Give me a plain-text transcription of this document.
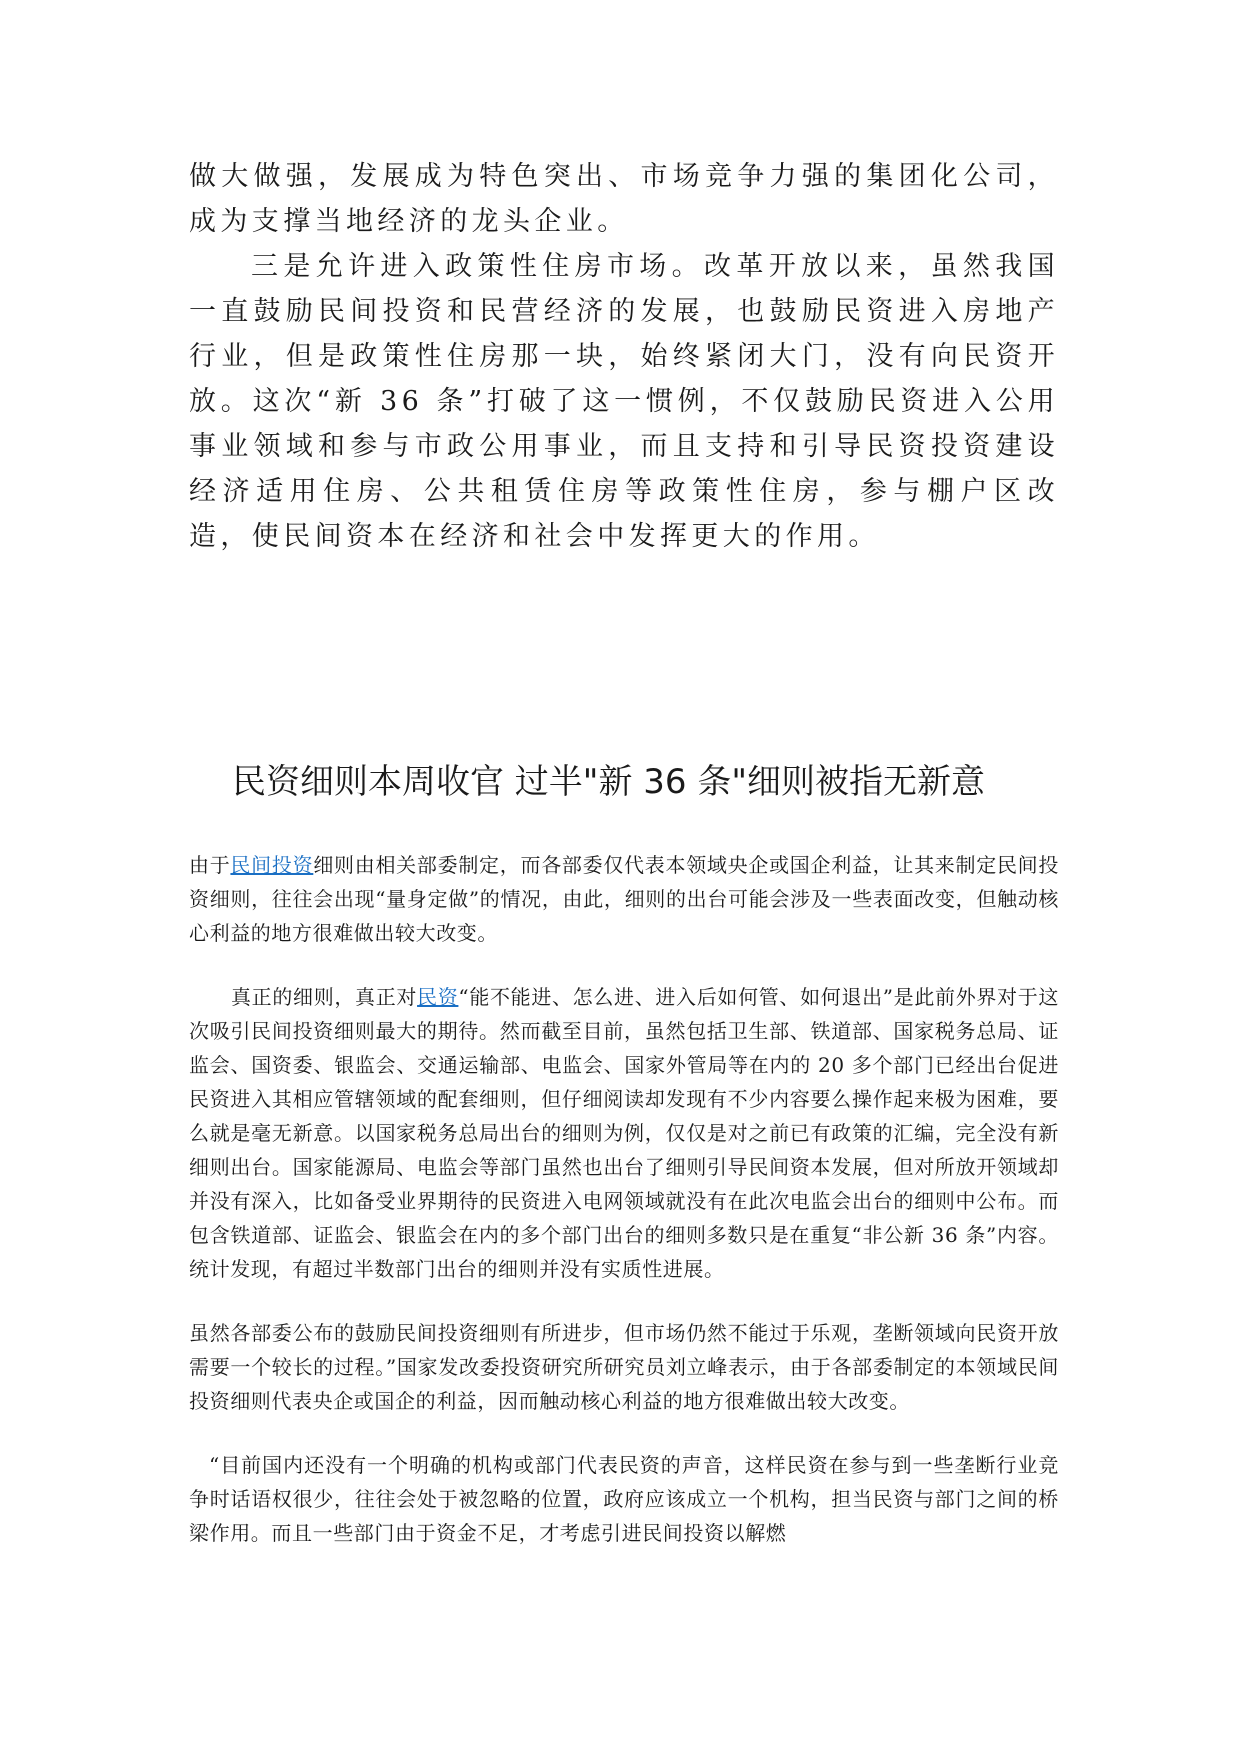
做大做强，发展成为特色突出、市场竞争力强的集团化公司，成为支撑当地经济的龙头企业。

三是允许进入政策性住房市场。改革开放以来，虽然我国一直鼓励民间投资和民营经济的发展，也鼓励民资进入房地产行业，但是政策性住房那一块，始终紧闭大门，没有向民资开放。这次“新 36 条”打破了这一惯例，不仅鼓励民资进入公用事业领域和参与市政公用事业，而且支持和引导民资投资建设经济适用住房、公共租赁住房等政策性住房，参与棚户区改造，使民间资本在经济和社会中发挥更大的作用。

民资细则本周收官 过半"新 36 条"细则被指无新意

由于民间投资细则由相关部委制定，而各部委仅代表本领域央企或国企利益，让其来制定民间投资细则，往往会出现“量身定做”的情况，由此，细则的出台可能会涉及一些表面改变，但触动核心利益的地方很难做出较大改变。

真正的细则，真正对民资“能不能进、怎么进、进入后如何管、如何退出”是此前外界对于这次吸引民间投资细则最大的期待。然而截至目前，虽然包括卫生部、铁道部、国家税务总局、证监会、国资委、银监会、交通运输部、电监会、国家外管局等在内的 20 多个部门已经出台促进民资进入其相应管辖领域的配套细则，但仔细阅读却发现有不少内容要么操作起来极为困难，要么就是毫无新意。以国家税务总局出台的细则为例，仅仅是对之前已有政策的汇编，完全没有新细则出台。国家能源局、电监会等部门虽然也出台了细则引导民间资本发展，但对所放开领域却并没有深入，比如备受业界期待的民资进入电网领域就没有在此次电监会出台的细则中公布。而包含铁道部、证监会、银监会在内的多个部门出台的细则多数只是在重复“非公新 36 条”内容。统计发现，有超过半数部门出台的细则并没有实质性进展。

虽然各部委公布的鼓励民间投资细则有所进步，但市场仍然不能过于乐观，垄断领域向民资开放需要一个较长的过程。”国家发改委投资研究所研究员刘立峰表示，由于各部委制定的本领域民间投资细则代表央企或国企的利益，因而触动核心利益的地方很难做出较大改变。

“目前国内还没有一个明确的机构或部门代表民资的声音，这样民资在参与到一些垄断行业竞争时话语权很少，往往会处于被忽略的位置，政府应该成立一个机构，担当民资与部门之间的桥梁作用。而且一些部门由于资金不足，才考虑引进民间投资以解燃
